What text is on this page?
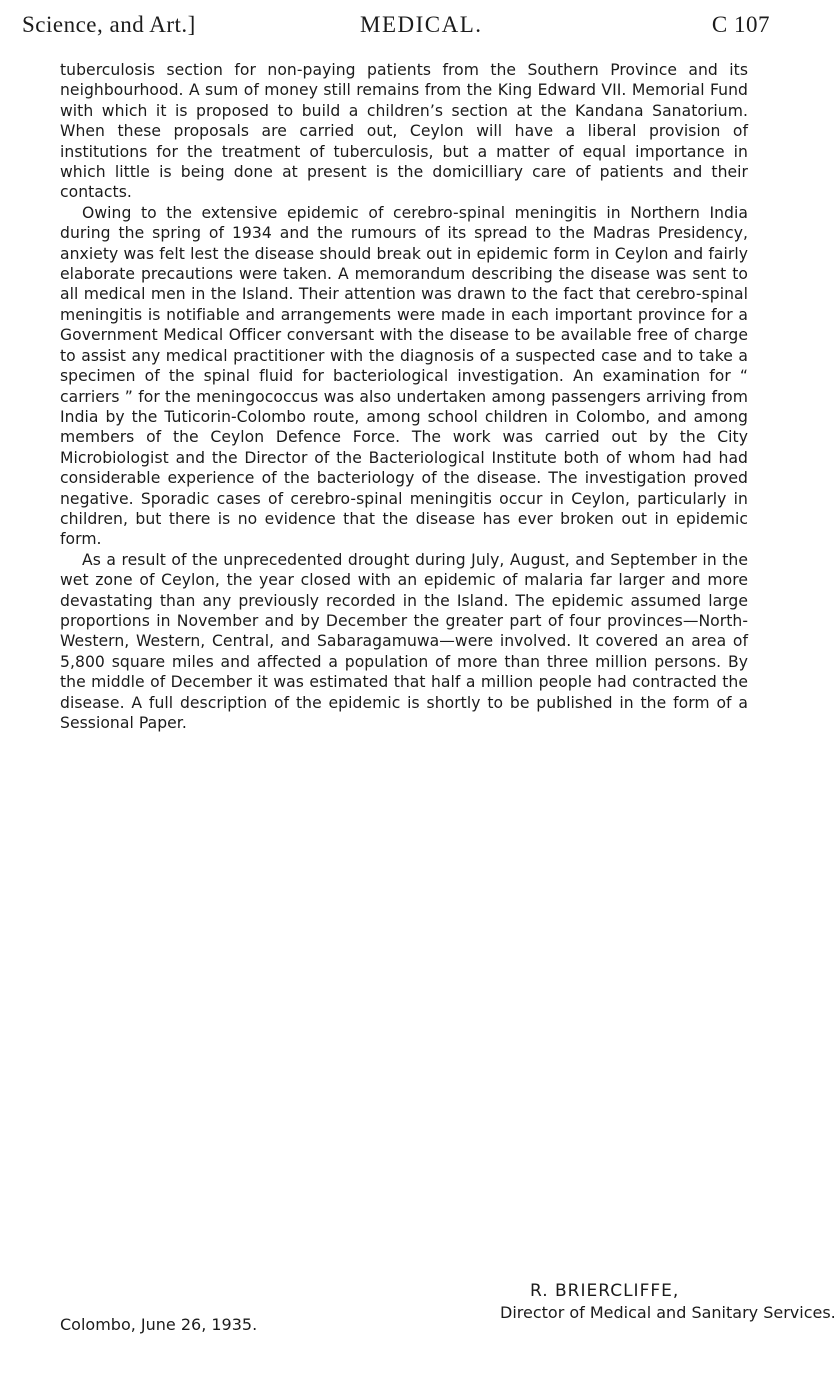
Science, and Art.]	MEDICAL.	C 107

tuberculosis section for non-paying patients from the Southern Province and its neighbourhood. A sum of money still remains from the King Edward VII. Memorial Fund with which it is proposed to build a children’s section at the Kandana Sanatorium. When these proposals are carried out, Ceylon will have a liberal provision of institutions for the treatment of tuberculosis, but a matter of equal importance in which little is being done at present is the domicilliary care of patients and their contacts.

Owing to the extensive epidemic of cerebro-spinal meningitis in Northern India during the spring of 1934 and the rumours of its spread to the Madras Presidency, anxiety was felt lest the disease should break out in epidemic form in Ceylon and fairly elaborate precautions were taken. A memorandum describing the disease was sent to all medical men in the Island. Their attention was drawn to the fact that cerebro-spinal meningitis is notifiable and arrangements were made in each important province for a Government Medical Officer conversant with the disease to be available free of charge to assist any medical practitioner with the diagnosis of a suspected case and to take a specimen of the spinal fluid for bacteriological investigation. An examination for “ carriers ” for the meningococcus was also undertaken among passengers arriving from India by the Tuticorin-Colombo route, among school children in Colombo, and among members of the Ceylon Defence Force. The work was carried out by the City Microbiologist and the Director of the Bacteriological Institute both of whom had had considerable experience of the bacteriology of the disease. The investigation proved negative. Sporadic cases of cerebro-spinal meningitis occur in Ceylon, particularly in children, but there is no evidence that the disease has ever broken out in epidemic form.

As a result of the unprecedented drought during July, August, and September in the wet zone of Ceylon, the year closed with an epidemic of malaria far larger and more devastating than any previously recorded in the Island. The epidemic assumed large proportions in November and by December the greater part of four provinces—North-Western, Western, Central, and Sabaragamuwa—were involved. It covered an area of 5,800 square miles and affected a population of more than three million persons. By the middle of December it was estimated that half a million people had contracted the disease. A full description of the epidemic is shortly to be published in the form of a Sessional Paper.

R. BRIERCLIFFE,
Director of Medical and Sanitary Services.
Colombo, June 26, 1935.
